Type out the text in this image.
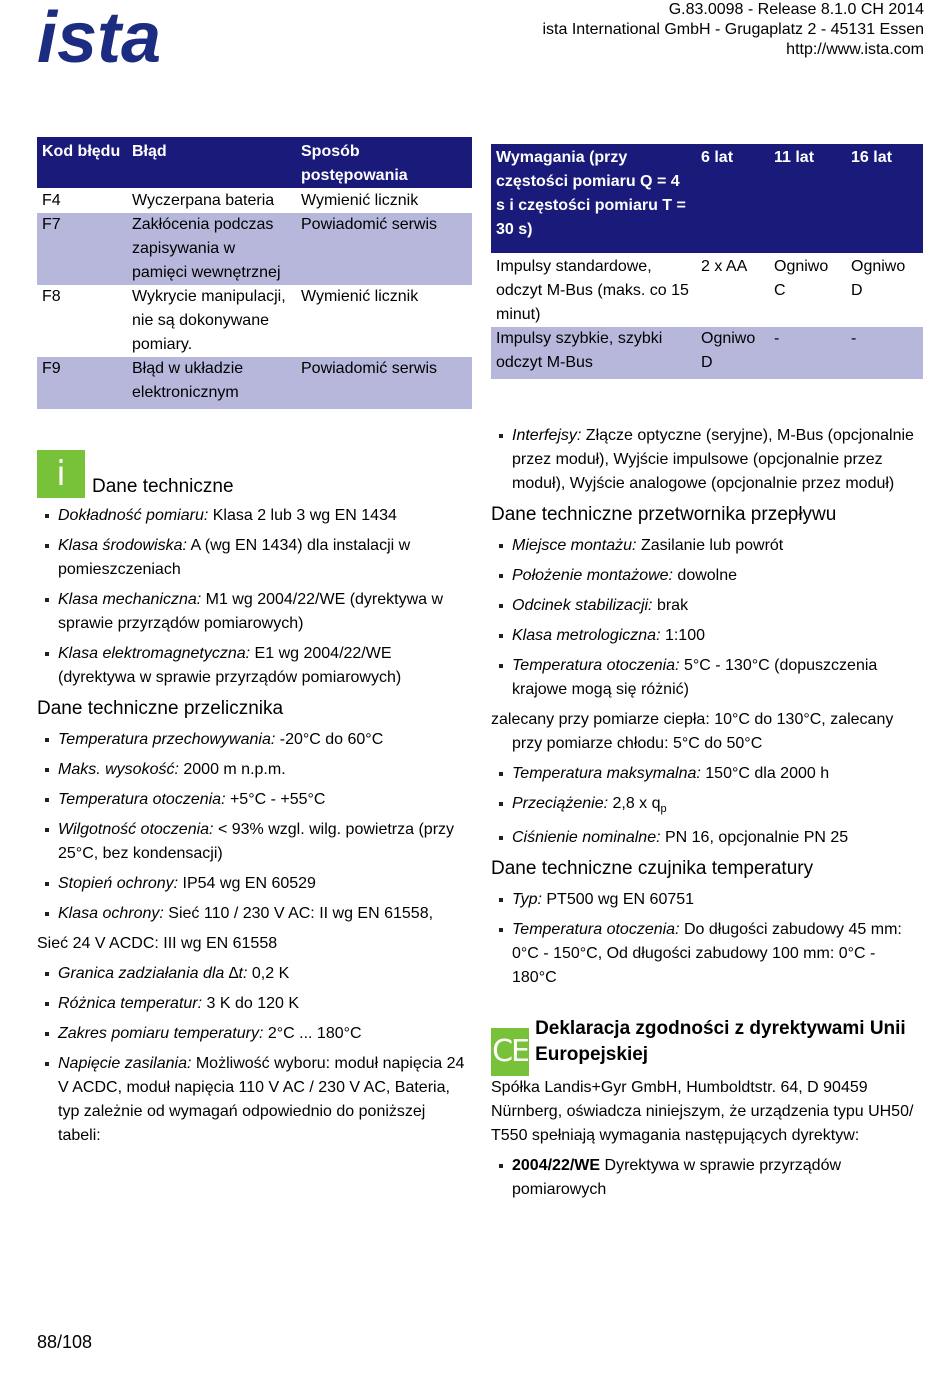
ista	G.83.0098 - Release 8.1.0 CH 2014
ista International GmbH - Grugaplatz 2 - 45131 Essen
http://www.ista.com
Kod błędu	Błąd	Sposób postępowania
F4	Wyczerpana bateria	Wymienić licznik
F7	Zakłócenia podczas zapisywania w pamięci wewnętrznej	Powiadomić serwis
F8	Wykrycie manipulacji, nie są dokonywane pomiary.	Wymienić licznik
F9	Błąd w układzie elektronicznym	Powiadomić serwis
Wymagania (przy częstości pomiaru Q = 4 s i częstości pomiaru T = 30 s)	6 lat	11 lat	16 lat
Impulsy standardowe, odczyt M-Bus (maks. co 15 minut)	2 x AA	Ogniwo C	Ogniwo D
Impulsy szybkie, szybki odczyt M-Bus	Ogniwo D	-	-
i	Dane techniczne
Dokładność pomiaru: Klasa 2 lub 3 wg EN 1434
Klasa środowiska: A (wg EN 1434) dla instalacji w pomieszczeniach
Klasa mechaniczna: M1 wg 2004/22/WE (dyrektywa w sprawie przyrządów pomiarowych)
Klasa elektromagnetyczna: E1 wg 2004/22/WE (dyrektywa w sprawie przyrządów pomiarowych)
Dane techniczne przelicznika
Temperatura przechowywania: -20°C do 60°C
Maks. wysokość: 2000 m n.p.m.
Temperatura otoczenia: +5°C - +55°C
Wilgotność otoczenia: < 93% wzgl. wilg. powietrza (przy 25°C, bez kondensacji)
Stopień ochrony: IP54 wg EN 60529
Klasa ochrony: Sieć 110 / 230 V AC: II wg EN 61558,

Sieć 24 V ACDC: III wg EN 61558

Granica zadziałania dla ∆t: 0,2 K
Różnica temperatur: 3 K do 120 K
Zakres pomiaru temperatury: 2°C ... 180°C
Napięcie zasilania: Możliwość wyboru: moduł napięcia 24 V ACDC, moduł napięcia 110 V AC / 230 V AC, Bateria, typ zależnie od wymagań odpowiednio do poniższej tabeli:
Interfejsy: Złącze optyczne (seryjne), M-Bus (opcjonalnie przez moduł), Wyjście impulsowe (opcjonalnie przez moduł), Wyjście analogowe (opcjonalnie przez moduł)
Dane techniczne przetwornika przepływu
Miejsce montażu: Zasilanie lub powrót
Położenie montażowe: dowolne
Odcinek stabilizacji: brak
Klasa metrologiczna: 1:100
Temperatura otoczenia: 5°C - 130°C (dopuszczenia krajowe mogą się różnić)

zalecany przy pomiarze ciepła: 10°C do 130°C, zalecany przy pomiarze chłodu: 5°C do 50°C

Temperatura maksymalna: 150°C dla 2000 h
Przeciążenie: 2,8 x $q_p$
Ciśnienie nominalne: PN 16, opcjonalnie PN 25
Dane techniczne czujnika temperatury
Typ: PT500 wg EN 60751
Temperatura otoczenia: Do długości zabudowy 45 mm: 0°C - 150°C, Od długości zabudowy 100 mm: 0°C - 180°C
CE
Deklaracja zgodności z dyrektywami Unii Europejskiej

Spółka Landis+Gyr GmbH, Humboldtstr. 64, D 90459 Nürnberg, oświadcza niniejszym, że urządzenia typu UH50/ T550 spełniają wymagania następujących dyrektyw:

2004/22/WE Dyrektywa w sprawie przyrządów pomiarowych
88/108
